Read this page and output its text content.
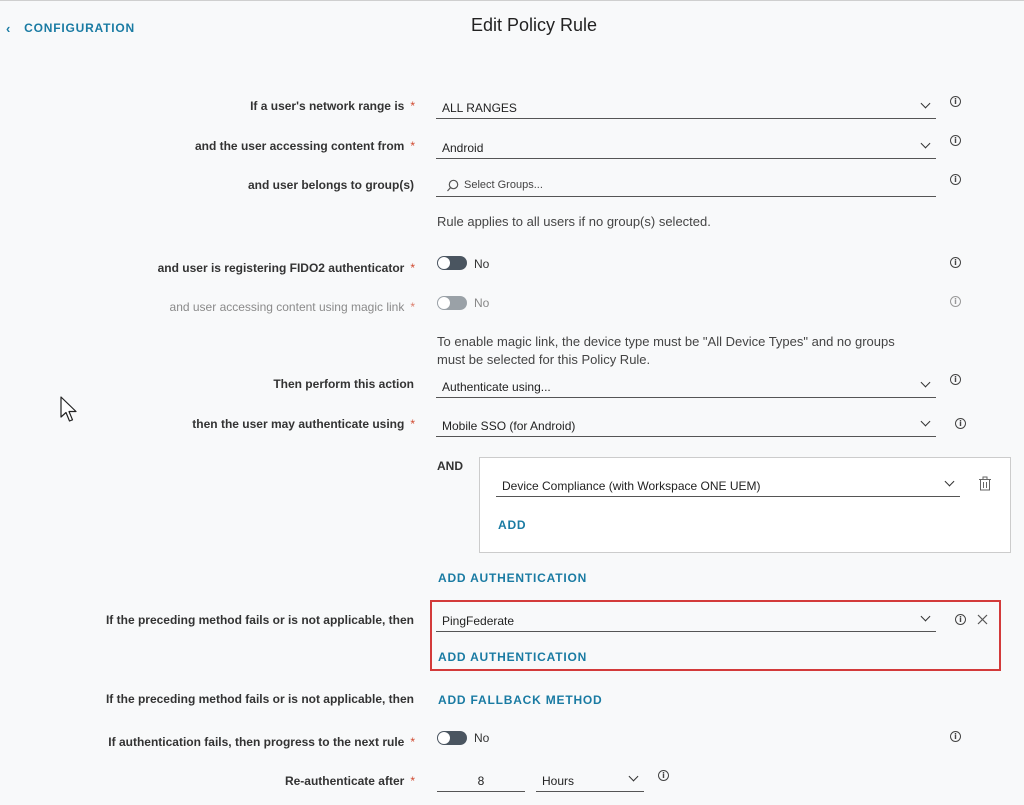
‹ CONFIGURATION	Edit Policy Rule
If a user's network range is * ALL RANGES	i
and the user accessing content from * Android
i
and user belongs to group(s)	Select Groups...	i
Rule applies to all users if no group(s) selected.
and user is registering FIDO2 authenticator *	No	i
and user accessing content using magic link *	No	i
To enable magic link, the device type must be "All Device Types" and no groups
must be selected for this Policy Rule.
Then perform this action Authenticate using...
i
then the user may authenticate using * Mobile SSO (for Android)	i
AND
Device Compliance (with Workspace ONE UEM)
ADD
ADD AUTHENTICATION
If the preceding method fails or is not applicable, then PingFederate	i
ADD AUTHENTICATION
If the preceding method fails or is not applicable, then ADD FALLBACK METHOD
If authentication fails, then progress to the next rule *	No	i
Re-authenticate after *	8	Hours	i
